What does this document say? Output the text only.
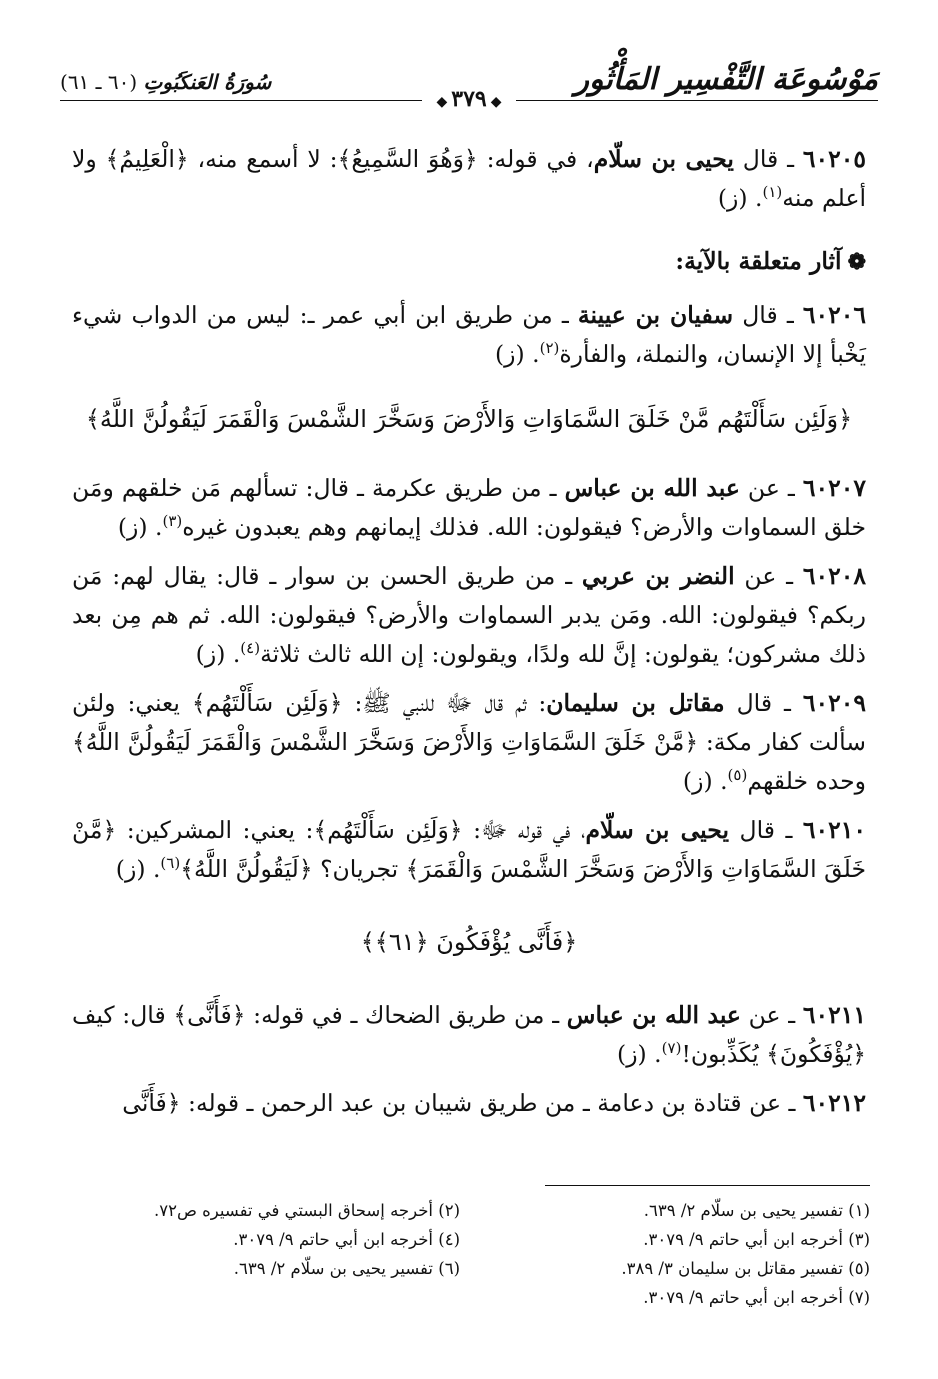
مَوْسُوعَة التَّفْسِير المَأْثُور
سُورَةُ العَنكَبُوتِ (٦٠ ـ ٦١)
◆٣٧٩◆

٦٠٢٠٥ ـ قال يحيى بن سلّام، في قوله: ﴿وَهُوَ السَّمِيعُ﴾: لا أسمع منه، ﴿الْعَلِيمُ﴾ ولا أعلم منه$^{(١)}$. (ز)

❁آثار متعلقة بالآية:

٦٠٢٠٦ ـ قال سفيان بن عيينة ـ من طريق ابن أبي عمر ـ: ليس من الدواب شيء يَخْبأ إلا الإنسان، والنملة، والفأرة$^{(٢)}$. (ز)

﴿وَلَئِن سَأَلْتَهُم مَّنْ خَلَقَ السَّمَاوَاتِ وَالأَرْضَ وَسَخَّرَ الشَّمْسَ وَالْقَمَرَ لَيَقُولُنَّ اللَّهُ﴾

٦٠٢٠٧ ـ عن عبد الله بن عباس ـ من طريق عكرمة ـ قال: تسألهم مَن خلقهم ومَن خلق السماوات والأرض؟ فيقولون: الله. فذلك إيمانهم وهم يعبدون غيره$^{(٣)}$. (ز)

٦٠٢٠٨ ـ عن النضر بن عربي ـ من طريق الحسن بن سوار ـ قال: يقال لهم: مَن ربكم؟ فيقولون: الله. ومَن يدبر السماوات والأرض؟ فيقولون: الله. ثم هم مِن بعد ذلك مشركون؛ يقولون: إنَّ لله ولدًا، ويقولون: إن الله ثالث ثلاثة$^{(٤)}$. (ز)

٦٠٢٠٩ ـ قال مقاتل بن سليمان: ثم قال ﷻ للنبي ﷺ: ﴿وَلَئِن سَأَلْتَهُم﴾ يعني: ولئن سألت كفار مكة: ﴿مَّنْ خَلَقَ السَّمَاوَاتِ وَالأَرْضَ وَسَخَّرَ الشَّمْسَ وَالْقَمَرَ لَيَقُولُنَّ اللَّهُ﴾ وحده خلقهم$^{(٥)}$. (ز)

٦٠٢١٠ ـ قال يحيى بن سلّام، في قوله ﷻ: ﴿وَلَئِن سَأَلْتَهُم﴾: يعني: المشركين: ﴿مَّنْ خَلَقَ السَّمَاوَاتِ وَالأَرْضَ وَسَخَّرَ الشَّمْسَ وَالْقَمَرَ﴾ تجريان؟ ﴿لَيَقُولُنَّ اللَّهُ﴾$^{(٦)}$. (ز)

﴿فَأَنَّى يُؤْفَكُونَ ﴿٦١﴾﴾

٦٠٢١١ ـ عن عبد الله بن عباس ـ من طريق الضحاك ـ في قوله: ﴿فَأَنَّى﴾ قال: كيف ﴿يُؤْفَكُونَ﴾ يُكَذِّبون!$^{(٧)}$. (ز)

٦٠٢١٢ ـ عن قتادة بن دعامة ـ من طريق شيبان بن عبد الرحمن ـ قوله: ﴿فَأَنَّى

(١) تفسير يحيى بن سلّام ٢/ ٦٣٩.
(٣) أخرجه ابن أبي حاتم ٩/ ٣٠٧٩.
(٥) تفسير مقاتل بن سليمان ٣/ ٣٨٩.
(٧) أخرجه ابن أبي حاتم ٩/ ٣٠٧٩.
(٢) أخرجه إسحاق البستي في تفسيره ص٧٢.
(٤) أخرجه ابن أبي حاتم ٩/ ٣٠٧٩.
(٦) تفسير يحيى بن سلّام ٢/ ٦٣٩.
